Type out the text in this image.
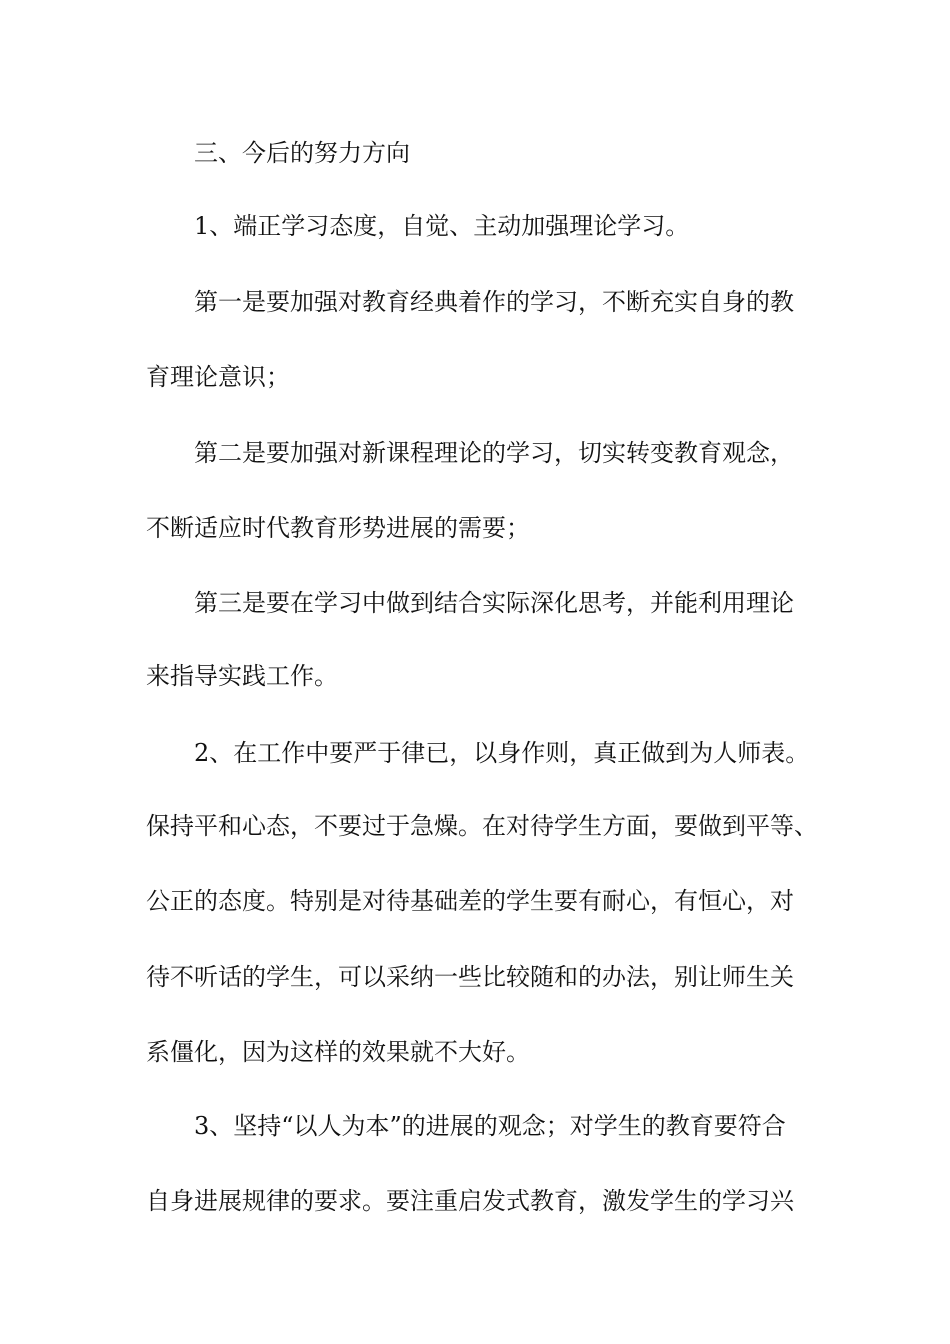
三、今后的努力方向
1、端正学习态度，自觉、主动加强理论学习。
第一是要加强对教育经典着作的学习，不断充实自身的教
育理论意识；
第二是要加强对新课程理论的学习，切实转变教育观念，
不断适应时代教育形势进展的需要；
第三是要在学习中做到结合实际深化思考，并能利用理论
来指导实践工作。
2、在工作中要严于律已，以身作则，真正做到为人师表。
保持平和心态，不要过于急燥。在对待学生方面，要做到平等、
公正的态度。特别是对待基础差的学生要有耐心，有恒心，对
待不听话的学生，可以采纳一些比较随和的办法，别让师生关
系僵化，因为这样的效果就不大好。
3、坚持“以人为本”的进展的观念；对学生的教育要符合
自身进展规律的要求。要注重启发式教育，激发学生的学习兴
